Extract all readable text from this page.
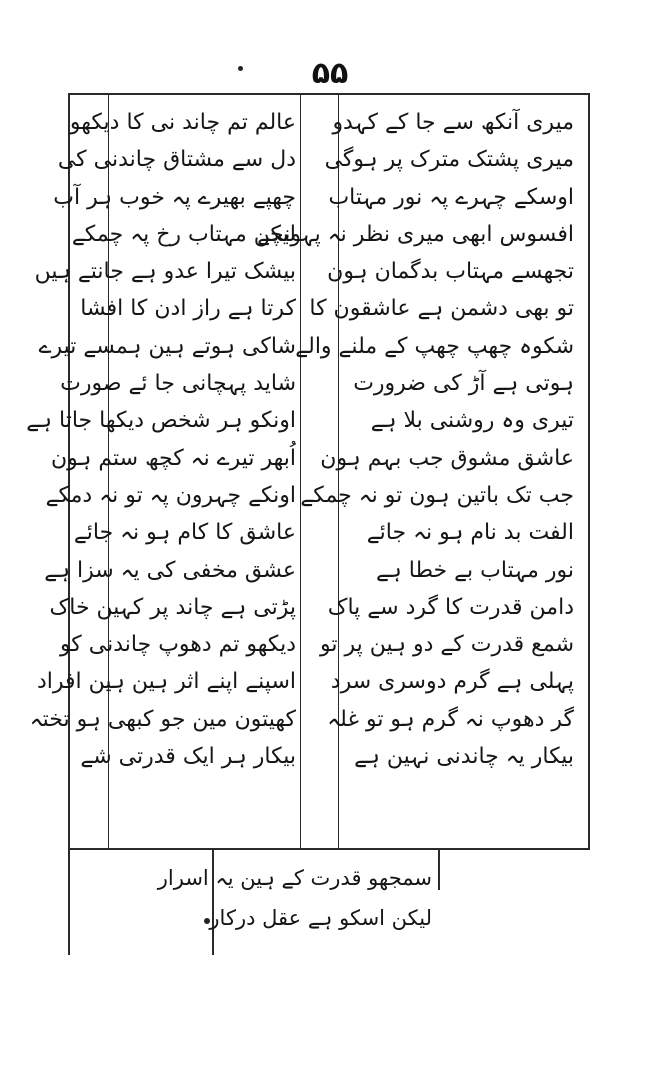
۵۵
میری آنکھ سے جا کے کہدو
میری پشتک مترک پر ہوگی
اوسکے چہرے پہ نور مہتاب
افسوس ابھی میری نظر نہ پہونچے
تجھسے مہتاب بدگمان ہون
تو بھی دشمن ہے عاشقون کا
شکوہ چھپ چھپ کے ملنے والے
ہوتی ہے آڑ کی ضرورت
تیری وہ روشنی بلا ہے
عاشق مشوق جب بہم ہون
جب تک باتین ہون تو نہ چمکے
الفت بد نام ہو نہ جائے
نور مہتاب بے خطا ہے
دامن قدرت کا گرد سے پاک
شمع قدرت کے دو ہین پر تو
پہلی ہے گرم دوسری سرد
گر دھوپ نہ گرم ہو تو غلہ
بیکار یہ چاندنی نہین ہے
عالم تم چاند نی کا دیکھو
دل سے مشتاق چاندنی کی
چھپے بھیرے پہ خوب ہر آب
لیکن مہتاب رخ پہ چمکے
بیشک تیرا عدو ہے جانتے ہیں
کرتا ہے راز ادن کا افشا
شاکی ہوتے ہین ہمسے تیرے
شاید پہچانی جا ئے صورت
اونکو ہر شخص دیکھا جاتا ہے
اُبھر تیرے نہ کچھ ستم ہون
اونکے چہرون پہ تو نہ دمکے
عاشق کا کام ہو نہ جائے
عشق مخفی کی یہ سزا ہے
پڑتی ہے چاند پر کہین خاک
دیکھو تم دھوپ چاندنی کو
اسپنے اپنے اثر ہین ہین افراد
کھیتون مین جو کبھی ہو تختہ
بیکار ہر ایک قدرتی شے
سمجھو قدرت کے ہین یہ اسرار
لیکن اسکو ہے عقل درکار
